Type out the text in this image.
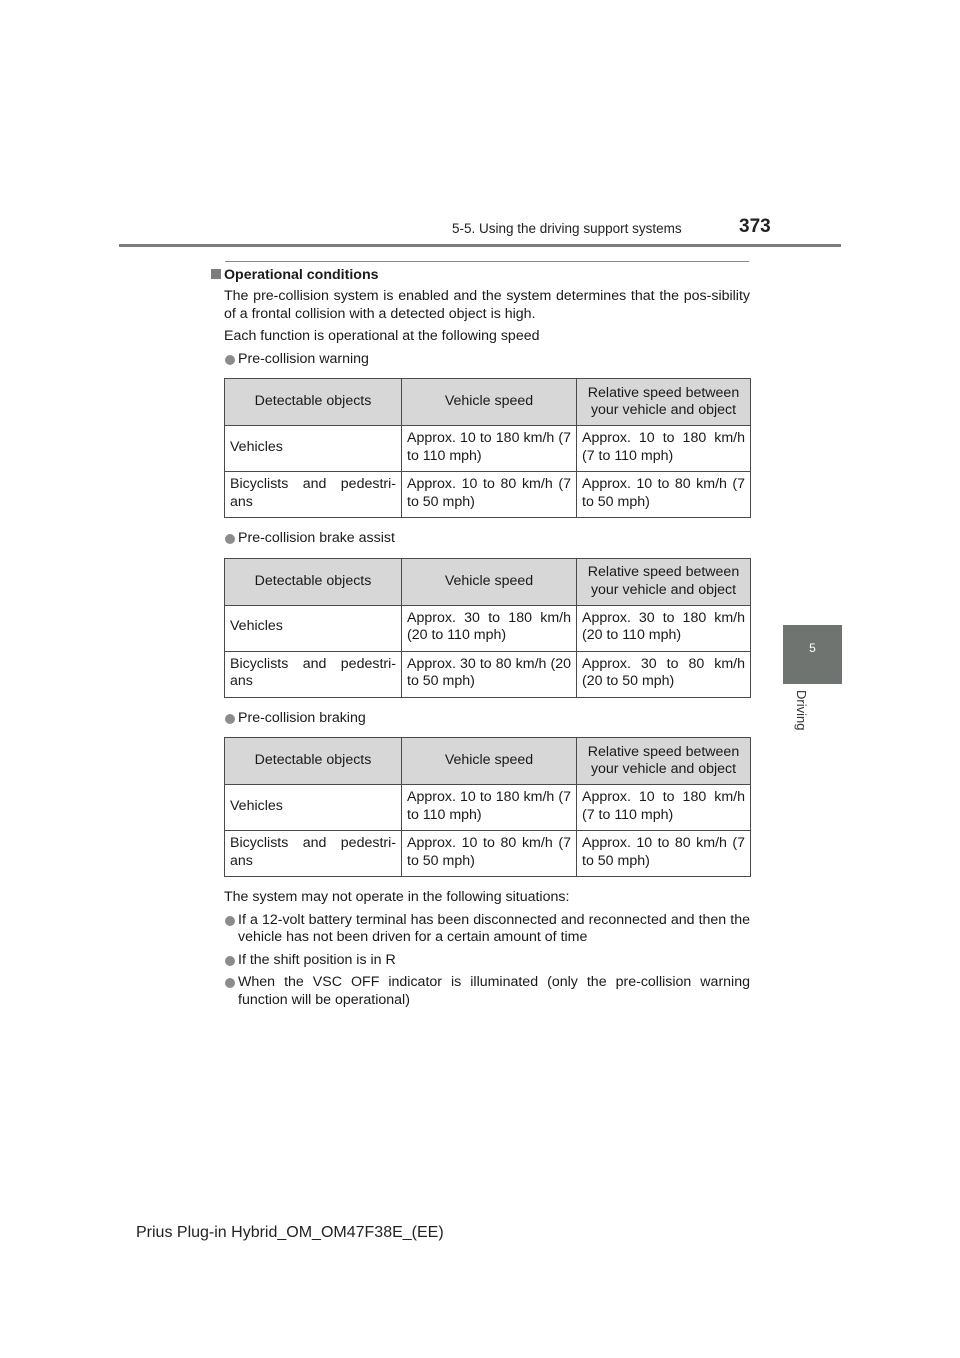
5-5. Using the driving support systems	373
5
Driving
Operational conditions

The pre-collision system is enabled and the system determines that the pos-sibility of a frontal collision with a detected object is high.

Each function is operational at the following speed

Pre-collision warning
Detectable objects	Vehicle speed	Relative speed between your vehicle and object
Vehicles	Approx. 10 to 180 km/h (7 to 110 mph)	Approx. 10 to 180 km/h (7 to 110 mph)
Bicyclists and pedestri-ans	Approx. 10 to 80 km/h (7 to 50 mph)	Approx. 10 to 80 km/h (7 to 50 mph)
Pre-collision brake assist
Detectable objects	Vehicle speed	Relative speed between your vehicle and object
Vehicles	Approx. 30 to 180 km/h (20 to 110 mph)	Approx. 30 to 180 km/h (20 to 110 mph)
Bicyclists and pedestri-ans	Approx. 30 to 80 km/h (20 to 50 mph)	Approx. 30 to 80 km/h (20 to 50 mph)
Pre-collision braking
Detectable objects	Vehicle speed	Relative speed between your vehicle and object
Vehicles	Approx. 10 to 180 km/h (7 to 110 mph)	Approx. 10 to 180 km/h (7 to 110 mph)
Bicyclists and pedestri-ans	Approx. 10 to 80 km/h (7 to 50 mph)	Approx. 10 to 80 km/h (7 to 50 mph)

The system may not operate in the following situations:

If a 12-volt battery terminal has been disconnected and reconnected and then the vehicle has not been driven for a certain amount of time
If the shift position is in R
When the VSC OFF indicator is illuminated (only the pre-collision warning function will be operational)
Prius Plug-in Hybrid_OM_OM47F38E_(EE)
